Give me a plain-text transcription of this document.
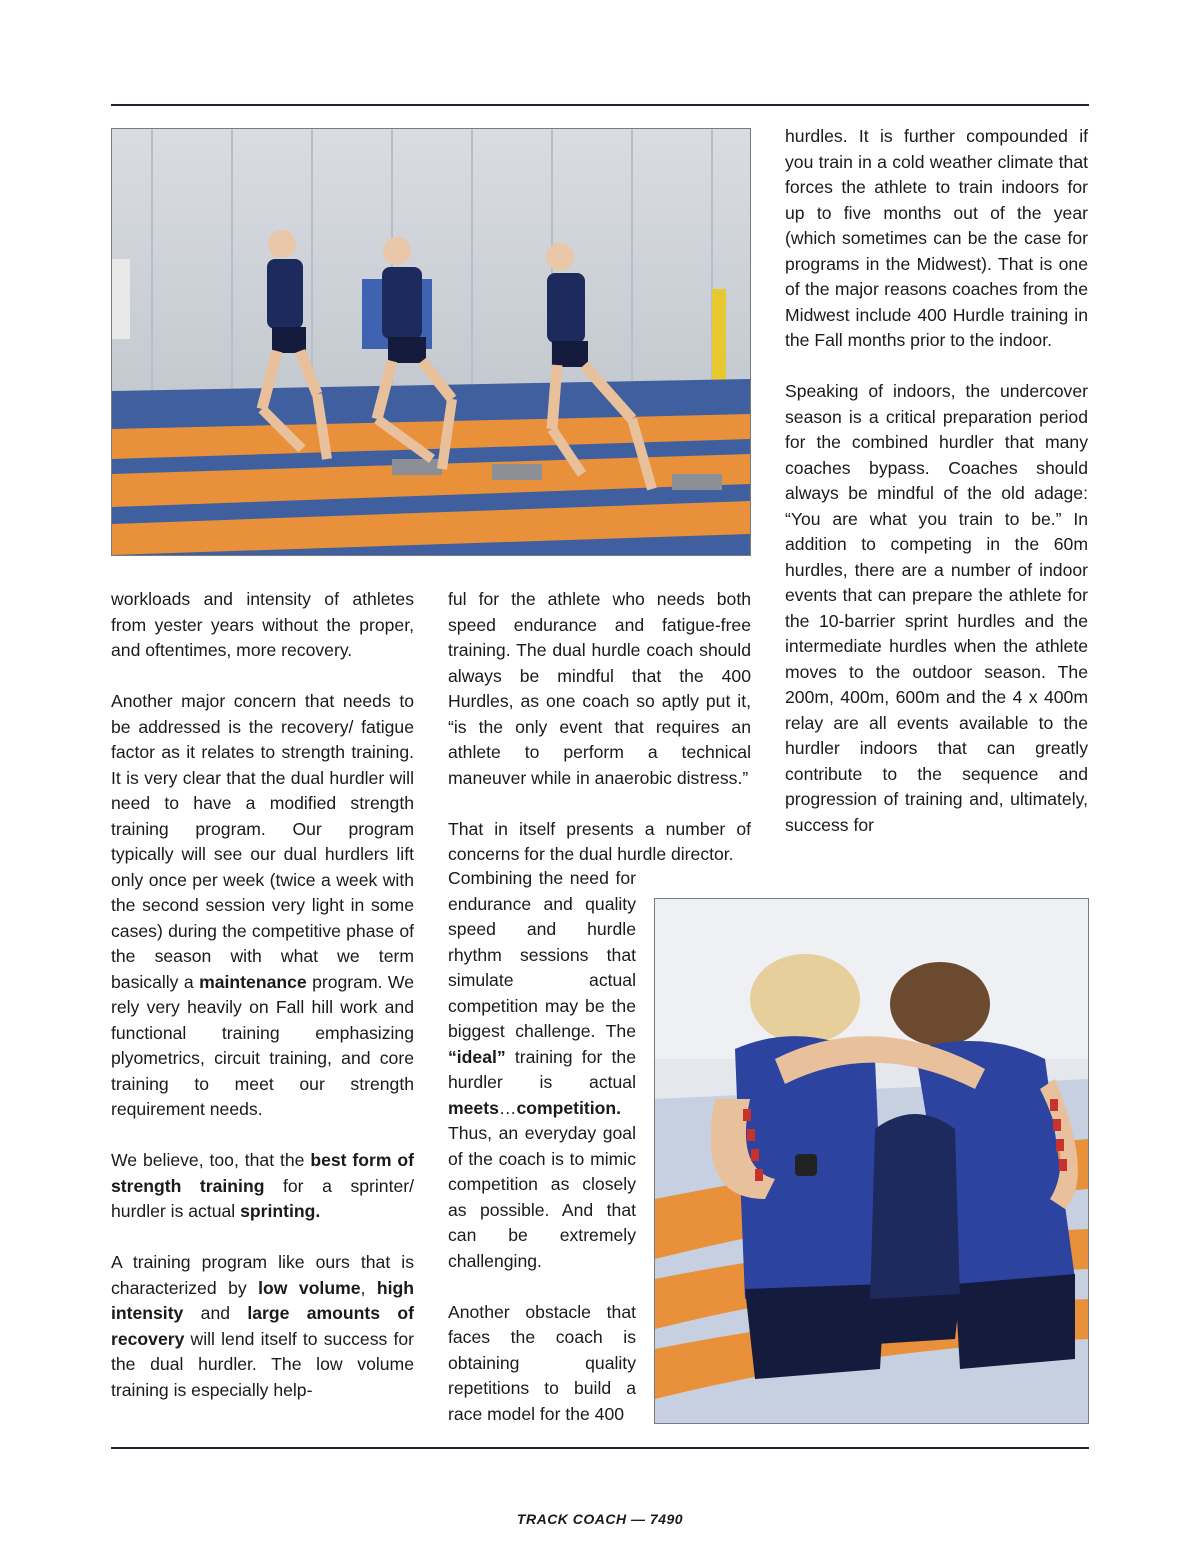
workloads and intensity of athletes from yester years without the proper, and oftentimes, more recovery.

Another major concern that needs to be addressed is the recovery/ fatigue factor as it relates to strength training. It is very clear that the dual hurdler will need to have a modified strength training program. Our program typically will see our dual hurdlers lift only once per week (twice a week with the second session very light in some cases) during the competitive phase of the season with what we term basically a maintenance program. We rely very heavily on Fall hill work and functional training emphasizing plyometrics, circuit training, and core training to meet our strength requirement needs.

We believe, too, that the best form of strength training for a sprinter/ hurdler is actual sprinting.

A training program like ours that is characterized by low volume, high intensity and large amounts of recovery will lend itself to success for the dual hurdler. The low volume training is especially help-

ful for the athlete who needs both speed endurance and fatigue-free training. The dual hurdle coach should always be mindful that the 400 Hurdles, as one coach so aptly put it, “is the only event that requires an athlete to perform a technical maneuver while in anaerobic distress.”

That in itself presents a number of concerns for the dual hurdle director.

Combining the need for endurance and quality speed and hurdle rhythm sessions that simulate actual competition may be the biggest challenge. The “ideal” training for the hurdler is actual meets…competition. Thus, an everyday goal of the coach is to mimic competition as closely as possible. And that can be extremely challenging.

Another obstacle that faces the coach is obtaining quality repetitions to build a race model for the 400

hurdles. It is further compounded if you train in a cold weather climate that forces the athlete to train indoors for up to five months out of the year (which sometimes can be the case for programs in the Midwest). That is one of the major reasons coaches from the Midwest include 400 Hurdle training in the Fall months prior to the indoor.

Speaking of indoors, the undercover season is a critical preparation period for the combined hurdler that many coaches bypass. Coaches should always be mindful of the old adage: “You are what you train to be.” In addition to competing in the 60m hurdles, there are a number of indoor events that can prepare the athlete for the 10-barrier sprint hurdles and the intermediate hurdles when the athlete moves to the outdoor season. The 200m, 400m, 600m and the 4 x 400m relay are all events available to the hurdler indoors that can greatly contribute to the sequence and progression of training and, ultimately, success for

TRACK COACH — 7490
